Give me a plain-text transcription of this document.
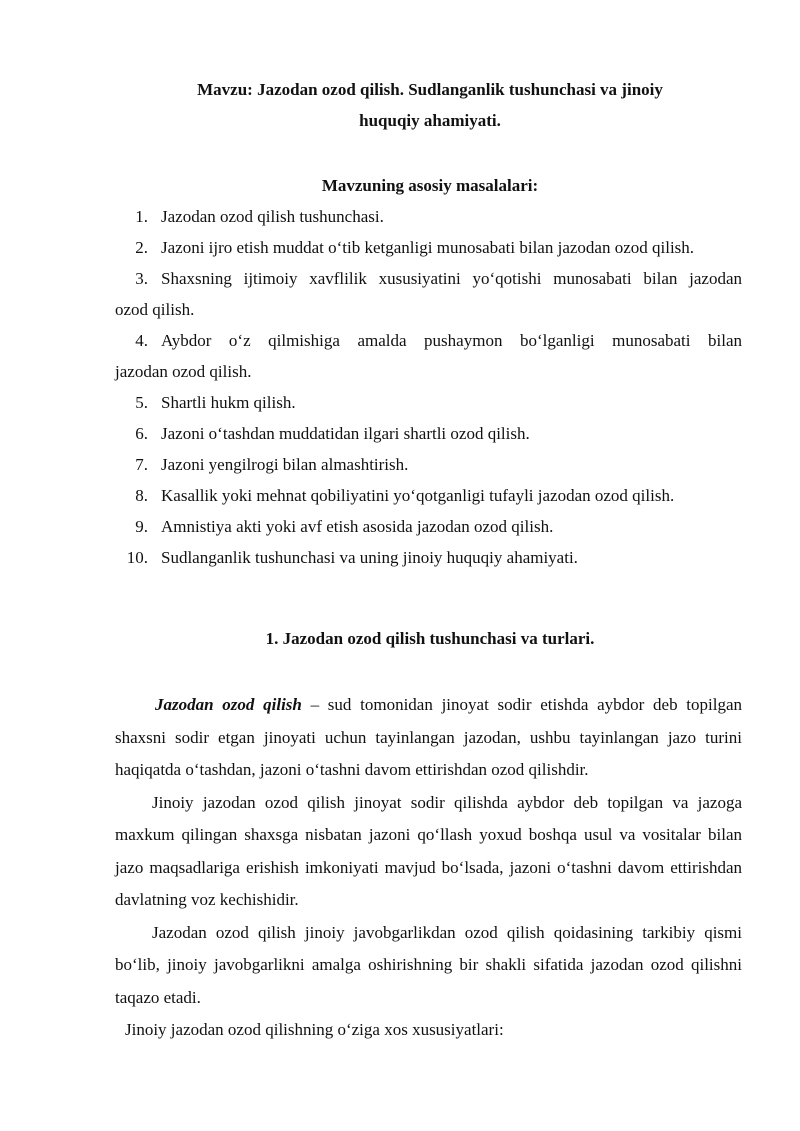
Mavzu: Jazodan ozod qilish. Sudlanganlik tushunchasi va jinoiy
huquqiy ahamiyati.
Mavzuning asosiy masalalari:
1. Jazodan ozod qilish tushunchasi.
2. Jazoni ijro etish muddat o‘tib ketganligi munosabati bilan jazodan ozod qilish.
3. Shaxsning ijtimoiy xavflilik xususiyatini yo‘qotishi munosabati bilan jazodan
ozod qilish.
4. Aybdor o‘z qilmishiga amalda pushaymon bo‘lganligi munosabati bilan
jazodan ozod qilish.
5. Shartli hukm qilish.
6. Jazoni o‘tashdan muddatidan ilgari shartli ozod qilish.
7. Jazoni yengilrogi bilan almashtirish.
8. Kasallik yoki mehnat qobiliyatini yo‘qotganligi tufayli jazodan ozod qilish.
9. Amnistiya akti yoki avf etish asosida jazodan ozod qilish.
10. Sudlanganlik tushunchasi va uning jinoiy huquqiy ahamiyati.
1. Jazodan ozod qilish tushunchasi va turlari.

Jazodan ozod qilish – sud tomonidan jinoyat sodir etishda aybdor deb topilgan shaxsni sodir etgan jinoyati uchun tayinlangan jazodan, ushbu tayinlangan jazo turini haqiqatda o‘tashdan, jazoni o‘tashni davom ettirishdan ozod qilishdir.

Jinoiy jazodan ozod qilish jinoyat sodir qilishda aybdor deb topilgan va jazoga maxkum qilingan shaxsga nisbatan jazoni qo‘llash yoxud boshqa usul va vositalar bilan jazo maqsadlariga erishish imkoniyati mavjud bo‘lsada, jazoni o‘tashni davom ettirishdan davlatning voz kechishidir.

Jazodan ozod qilish jinoiy javobgarlikdan ozod qilish qoidasining tarkibiy qismi bo‘lib, jinoiy javobgarlikni amalga oshirishning bir shakli sifatida jazodan ozod qilishni taqazo etadi.

Jinoiy jazodan ozod qilishning o‘ziga xos xususiyatlari:
